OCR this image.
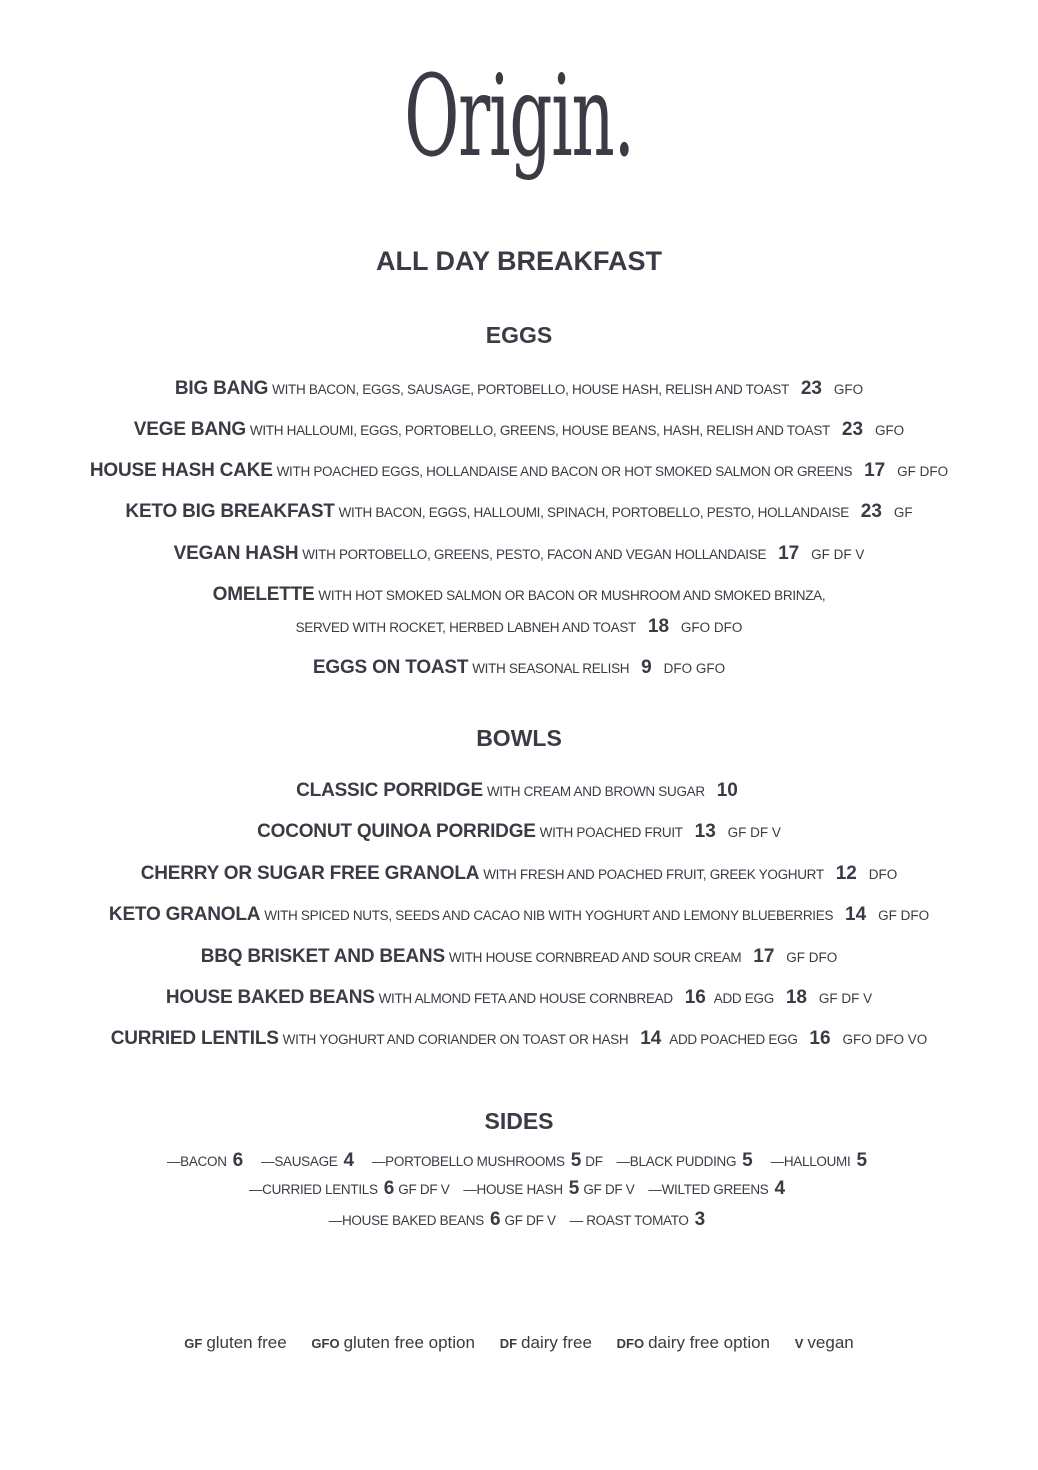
Origin.
ALL DAY BREAKFAST
EGGS
BIG BANG WITH BACON, EGGS, SAUSAGE, PORTOBELLO, HOUSE HASH, RELISH AND TOAST 23 GFO
VEGE BANG WITH HALLOUMI, EGGS, PORTOBELLO, GREENS, HOUSE BEANS, HASH, RELISH AND TOAST 23 GFO
HOUSE HASH CAKE WITH POACHED EGGS, HOLLANDAISE AND BACON OR HOT SMOKED SALMON OR GREENS 17 GF DFO
KETO BIG BREAKFAST WITH BACON, EGGS, HALLOUMI, SPINACH, PORTOBELLO, PESTO, HOLLANDAISE 23 GF
VEGAN HASH WITH PORTOBELLO, GREENS, PESTO, FACON AND VEGAN HOLLANDAISE 17 GF DF V
OMELETTE WITH HOT SMOKED SALMON OR BACON OR MUSHROOM AND SMOKED BRINZA,
SERVED WITH ROCKET, HERBED LABNEH AND TOAST 18 GFO DFO
EGGS ON TOAST WITH SEASONAL RELISH 9 DFO GFO
BOWLS
CLASSIC PORRIDGE WITH CREAM AND BROWN SUGAR 10
COCONUT QUINOA PORRIDGE WITH POACHED FRUIT 13 GF DF V
CHERRY OR SUGAR FREE GRANOLA WITH FRESH AND POACHED FRUIT, GREEK YOGHURT 12 DFO
KETO GRANOLA WITH SPICED NUTS, SEEDS AND CACAO NIB WITH YOGHURT AND LEMONY BLUEBERRIES 14 GF DFO
BBQ BRISKET AND BEANS WITH HOUSE CORNBREAD AND SOUR CREAM 17 GF DFO
HOUSE BAKED BEANS WITH ALMOND FETA AND HOUSE CORNBREAD 16 ADD EGG 18 GF DF V
CURRIED LENTILS WITH YOGHURT AND CORIANDER ON TOAST OR HASH 14 ADD POACHED EGG 16 GFO DFO VO
SIDES
—BACON 6 —SAUSAGE 4 —PORTOBELLO MUSHROOMS 5 DF —BLACK PUDDING 5 —HALLOUMI 5
—CURRIED LENTILS 6 GF DF V —HOUSE HASH 5 GF DF V —WILTED GREENS 4
—HOUSE BAKED BEANS 6 GF DF V — ROAST TOMATO 3
GF gluten free GFO gluten free option DF dairy free DFO dairy free option V vegan
